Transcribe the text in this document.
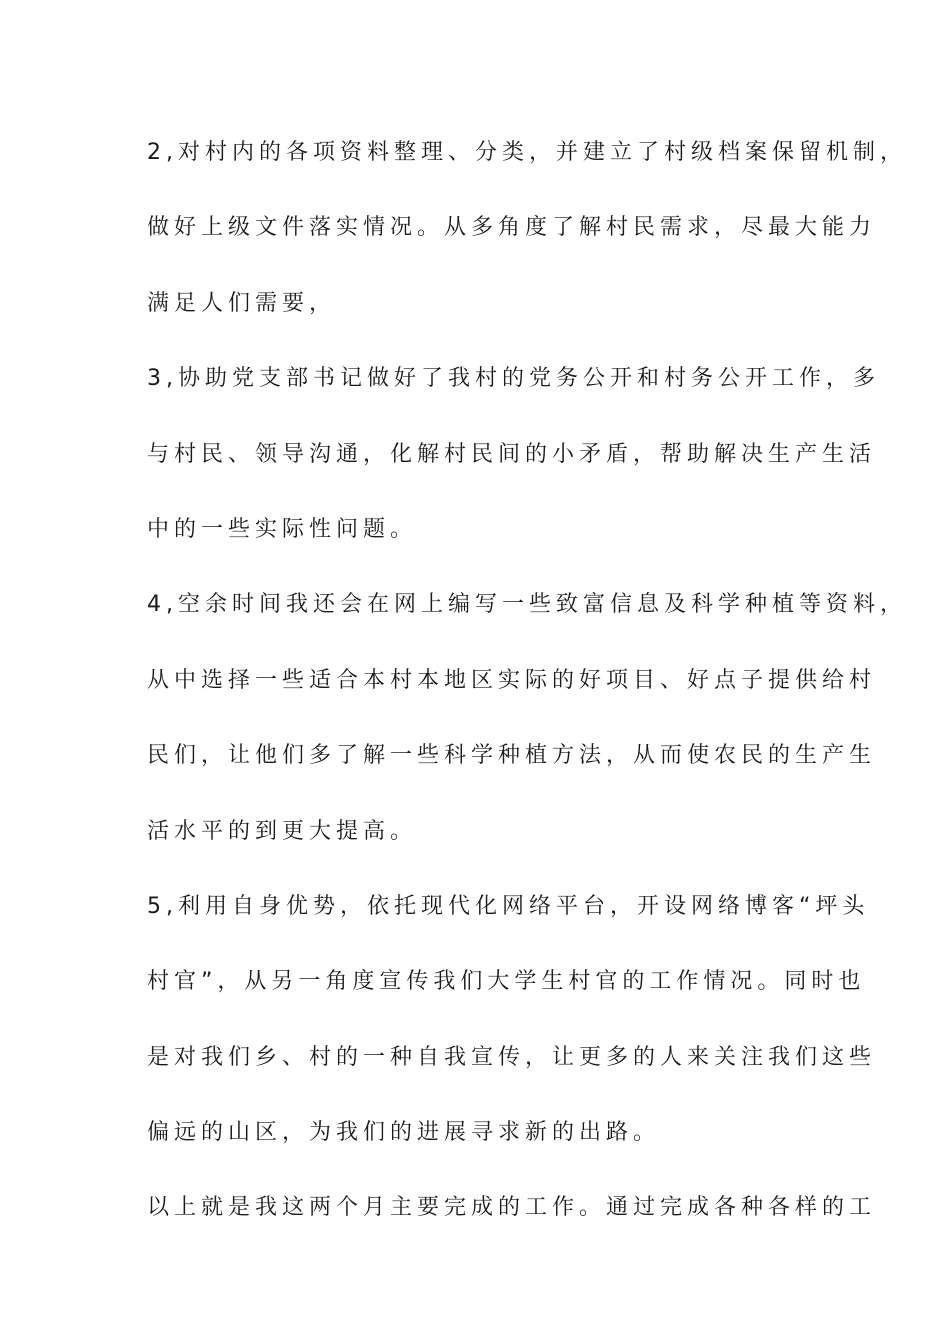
2,对村内的各项资料整理、分类，并建立了村级档案保留机制，
做好上级文件落实情况。从多角度了解村民需求，尽最大能力
满足人们需要，
3,协助党支部书记做好了我村的党务公开和村务公开工作，多
与村民、领导沟通，化解村民间的小矛盾，帮助解决生产生活
中的一些实际性问题。
4,空余时间我还会在网上编写一些致富信息及科学种植等资料，
从中选择一些适合本村本地区实际的好项目、好点子提供给村
民们，让他们多了解一些科学种植方法，从而使农民的生产生
活水平的到更大提高。
5,利用自身优势，依托现代化网络平台，开设网络博客“坪头
村官”，从另一角度宣传我们大学生村官的工作情况。同时也
是对我们乡、村的一种自我宣传，让更多的人来关注我们这些
偏远的山区，为我们的进展寻求新的出路。
以上就是我这两个月主要完成的工作。通过完成各种各样的工
